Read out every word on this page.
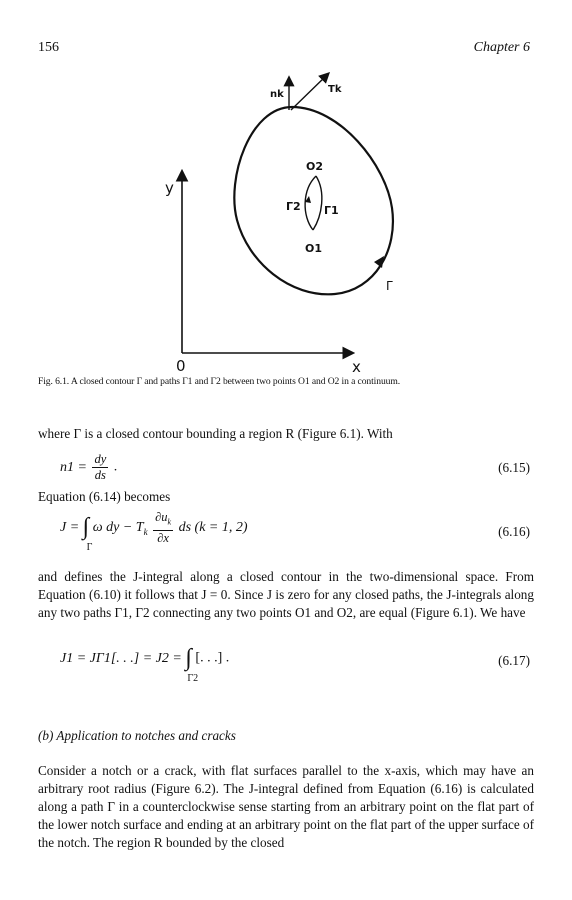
156	Chapter 6
nk	Tk
y
O2
Γ2 Γ1
O1
Γ
0	x
Fig. 6.1. A closed contour Γ and paths Γ1 and Γ2 between two points O1 and O2 in a continuum.
where Γ is a closed contour bounding a region R (Figure 6.1). With
$n1 = \frac{dy}{ds}$ .	(6.15)
Equation (6.14) becomes
J = ∫
Γ
ω dy − $T_k \frac{\partial u_k}{\partial x}$ ds (k = 1, 2)	(6.16)
and defines the J-integral along a closed contour in the two-dimensional space. From Equation (6.10) it follows that J = 0. Since J is zero for any closed paths, the J-integrals along any two paths Γ1, Γ2 connecting any two points O1 and O2, are equal (Figure 6.1). We have
J1 = JΓ1[. . .] = J2 = ∫
Γ2
[. . .] .	(6.17)
(b) Application to notches and cracks
Consider a notch or a crack, with flat surfaces parallel to the x-axis, which may have an arbitrary root radius (Figure 6.2). The J-integral defined from Equation (6.16) is calculated along a path Γ in a counterclockwise sense starting from an arbitrary point on the flat part of the lower notch surface and ending at an arbitrary point on the flat part of the upper surface of the notch. The region R bounded by the closed
